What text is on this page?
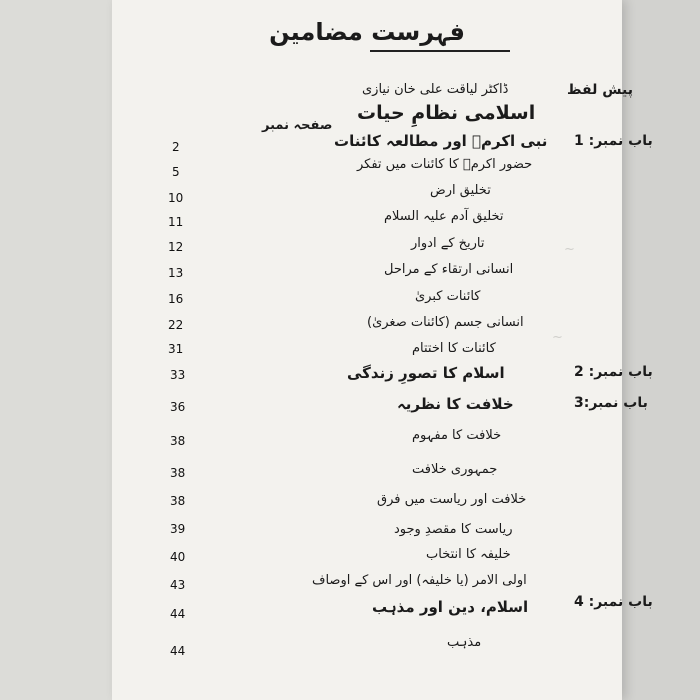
~
~
فہرست مضامین
پیش لفظ
ڈاکٹر لیاقت علی خان نیازی
اسلامی نظامِ حیات
صفحہ نمبر
باب نمبر: 1
باب نمبر: 2
باب نمبر:3
باب نمبر: 4
نبی اکرمؐ اور مطالعہ کائنات
حضور اکرمؐ کا کائنات میں تفکر
تخلیق ارض
تخلیق آدم علیہ السلام
تاریخ کے ادوار
انسانی ارتقاء کے مراحل
کائنات کبریٰ
انسانی جسم (کائنات صغریٰ)
کائنات کا اختتام
اسلام کا تصورِ زندگی
خلافت کا نظریہ
خلافت کا مفہوم
جمہوری خلافت
خلافت اور ریاست میں فرق
ریاست کا مقصدِ وجود
خلیفہ کا انتخاب
اولی الامر (یا خلیفہ) اور اس کے اوصاف
اسلام، دین اور مذہب
مذہب
2
5
10
11
12
13
16
22
31
33
36
38
38
38
39
40
43
44
44
